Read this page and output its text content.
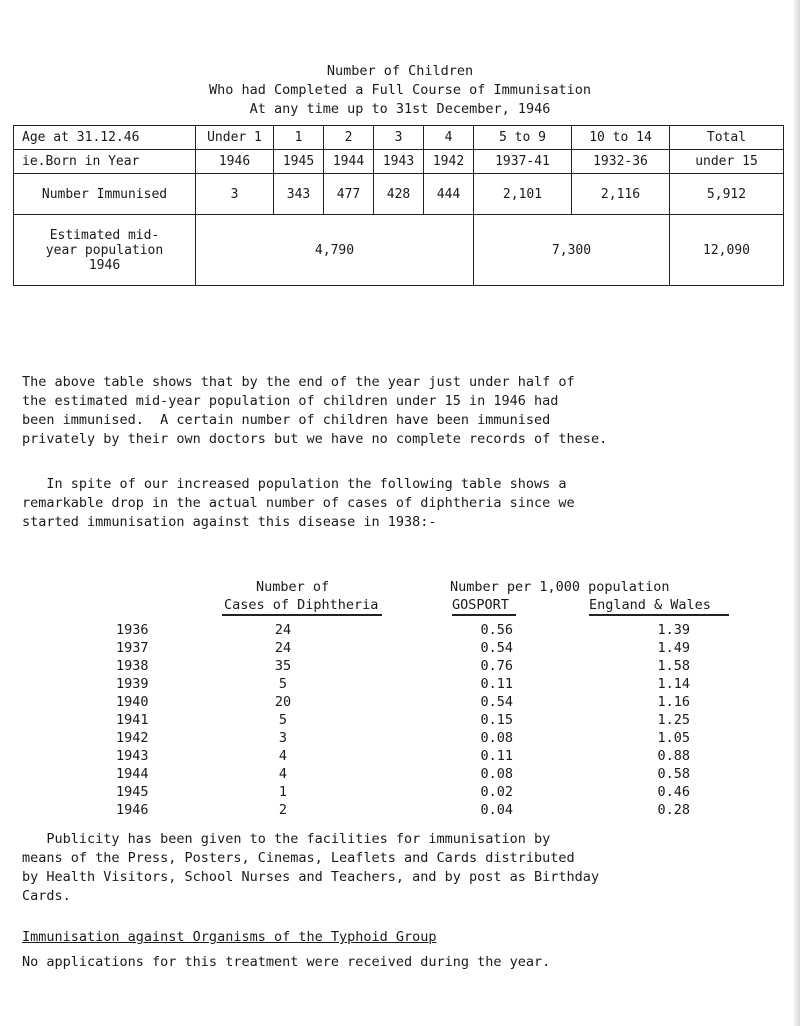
Number of Children
Who had Completed a Full Course of Immunisation
At any time up to 31st December, 1946
Age at 31.12.46	Under 1	1	2	3	4	5 to 9	10 to 14	Total
ie.Born in Year	1946	1945	1944	1943	1942	1937-41	1932-36	under 15
Number Immunised	3	343	477	428	444	2,101	2,116	5,912
Estimated mid-year population 1946	4,790					7,300		12,090

The above table shows that by the end of the year just under half of

the estimated mid-year population of children under 15 in 1946 had

been immunised.  A certain number of children have been immunised

privately by their own doctors but we have no complete records of these.

In spite of our increased population the following table shows a

remarkable drop in the actual number of cases of diphtheria since we

started immunisation against this disease in 1938:-

Number of
Cases of Diphtheria
Number per 1,000 population
GOSPORT	England & Wales
1936	24	0.56	1.39
1937	24	0.54	1.49
1938	35	0.76	1.58
1939	5	0.11	1.14
1940	20	0.54	1.16
1941	5	0.15	1.25
1942	3	0.08	1.05
1943	4	0.11	0.88
1944	4	0.08	0.58
1945	1	0.02	0.46
1946	2	0.04	0.28

Publicity has been given to the facilities for immunisation by

means of the Press, Posters, Cinemas, Leaflets and Cards distributed

by Health Visitors, School Nurses and Teachers, and by post as Birthday

Cards.

Immunisation against Organisms of the Typhoid Group

No applications for this treatment were received during the year.
